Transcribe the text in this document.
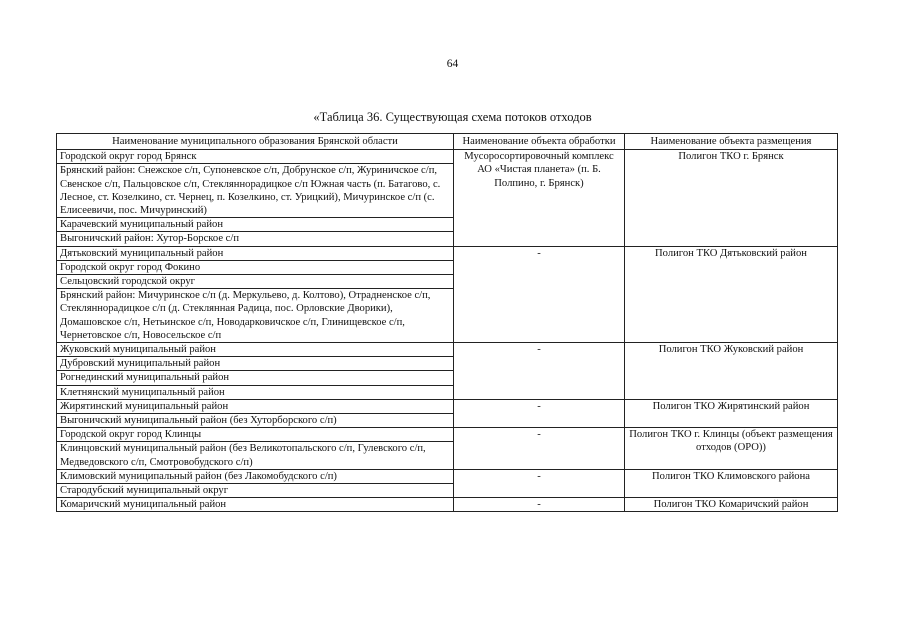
64
«Таблица 36. Существующая схема потоков отходов
Наименование муниципального образования Брянской области	Наименование объекта обработки	Наименование объекта размещения
Городской округ город Брянск	Мусоросортировочный комплекс АО «Чистая планета» (п. Б. Полпино, г. Брянск)	Полигон ТКО г. Брянск
Брянский район: Снежское с/п, Супоневское с/п, Добрунское с/п, Журиничское с/п, Свенское с/п, Пальцовское с/п, Стекляннорадицкое с/п Южная часть (п. Батагово, с. Лесное, ст. Козелкино, ст. Чернец, п. Козелкино, ст. Урицкий), Мичуринское с/п (с. Елисеевичи, пос. Мичуринский)		
Карачевский муниципальный район		
Выгоничский район: Хутор-Борское с/п		
Дятьковский муниципальный район	-	Полигон ТКО Дятьковский район
Городской округ город Фокино		
Сельцовский городской округ		
Брянский район: Мичуринское с/п (д. Меркульево, д. Колтово), Отрадненское с/п, Стекляннорадицкое с/п (д. Стеклянная Радица, пос. Орловские Дворики), Домашовское с/п, Нетьинское с/п, Новодарковичское с/п, Глинищевское с/п, Чернетовское с/п, Новосельское с/п		
Жуковский муниципальный район	-	Полигон ТКО Жуковский район
Дубровский муниципальный район		
Рогнединский муниципальный район		
Клетнянский муниципальный район		
Жирятинский муниципальный район	-	Полигон ТКО Жирятинский район
Выгоничский муниципальный район (без Хуторборского с/п)		
Городской округ город Клинцы	-	Полигон ТКО г. Клинцы (объект размещения отходов (ОРО))
Клинцовский муниципальный район (без Великотопальского с/п, Гулевского с/п, Медведовского с/п, Смотровобудского с/п)		
Климовский муниципальный район (без Лакомобудского с/п)	-	Полигон ТКО Климовского района
Стародубский муниципальный округ		
Комаричский муниципальный район	-	Полигон ТКО Комаричский район
